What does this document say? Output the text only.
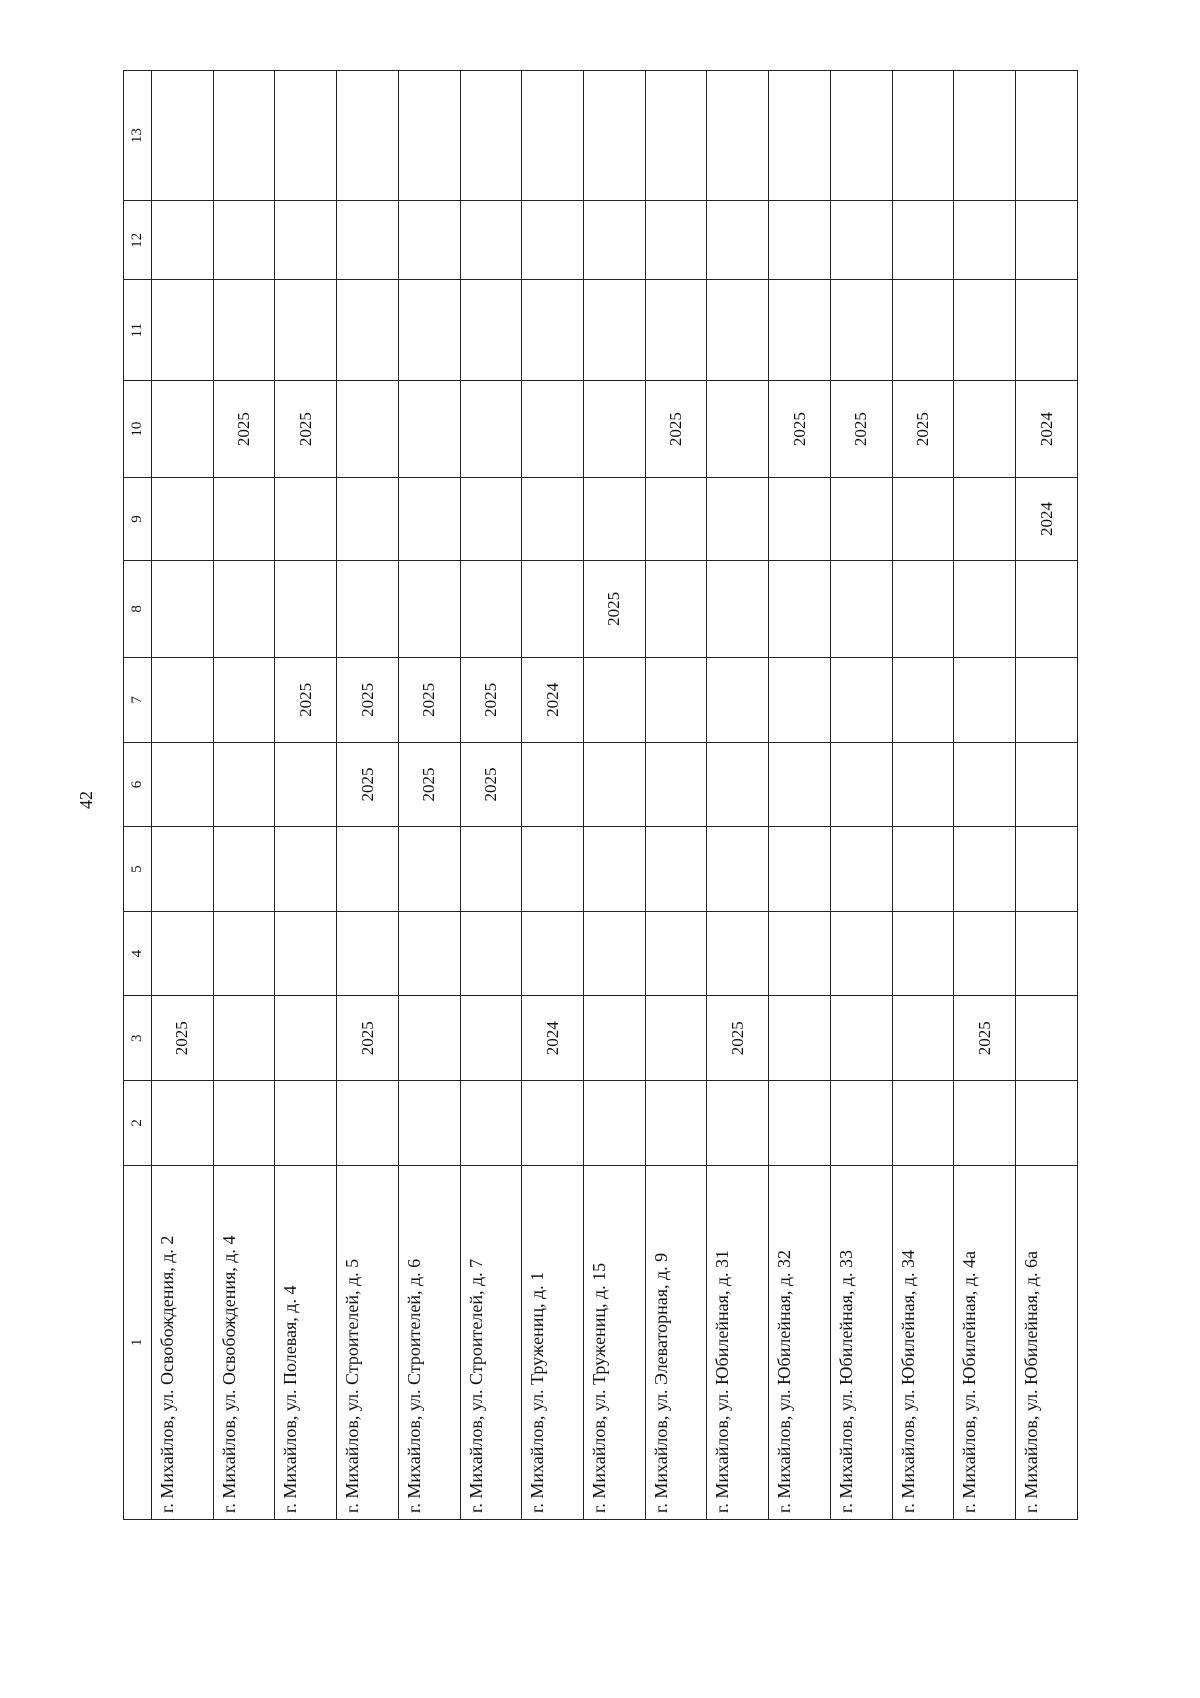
42
1	2	3	4	5	6	7	8	9	10	11	12	13
г. Михайлов, ул. Освобождения, д. 2		2025										
г. Михайлов, ул. Освобождения, д. 4									2025			
г. Михайлов, ул. Полевая, д. 4						2025			2025			
г. Михайлов, ул. Строителей, д. 5		2025			2025	2025						
г. Михайлов, ул. Строителей, д. 6					2025	2025						
г. Михайлов, ул. Строителей, д. 7					2025	2025						
г. Михайлов, ул. Тружениц, д. 1		2024				2024						
г. Михайлов, ул. Тружениц, д. 15							2025					
г. Михайлов, ул. Элеваторная, д. 9									2025			
г. Михайлов, ул. Юбилейная, д. 31		2025										
г. Михайлов, ул. Юбилейная, д. 32									2025			
г. Михайлов, ул. Юбилейная, д. 33									2025			
г. Михайлов, ул. Юбилейная, д. 34									2025			
г. Михайлов, ул. Юбилейная, д. 4а		2025										
г. Михайлов, ул. Юбилейная, д. 6а								2024	2024			
